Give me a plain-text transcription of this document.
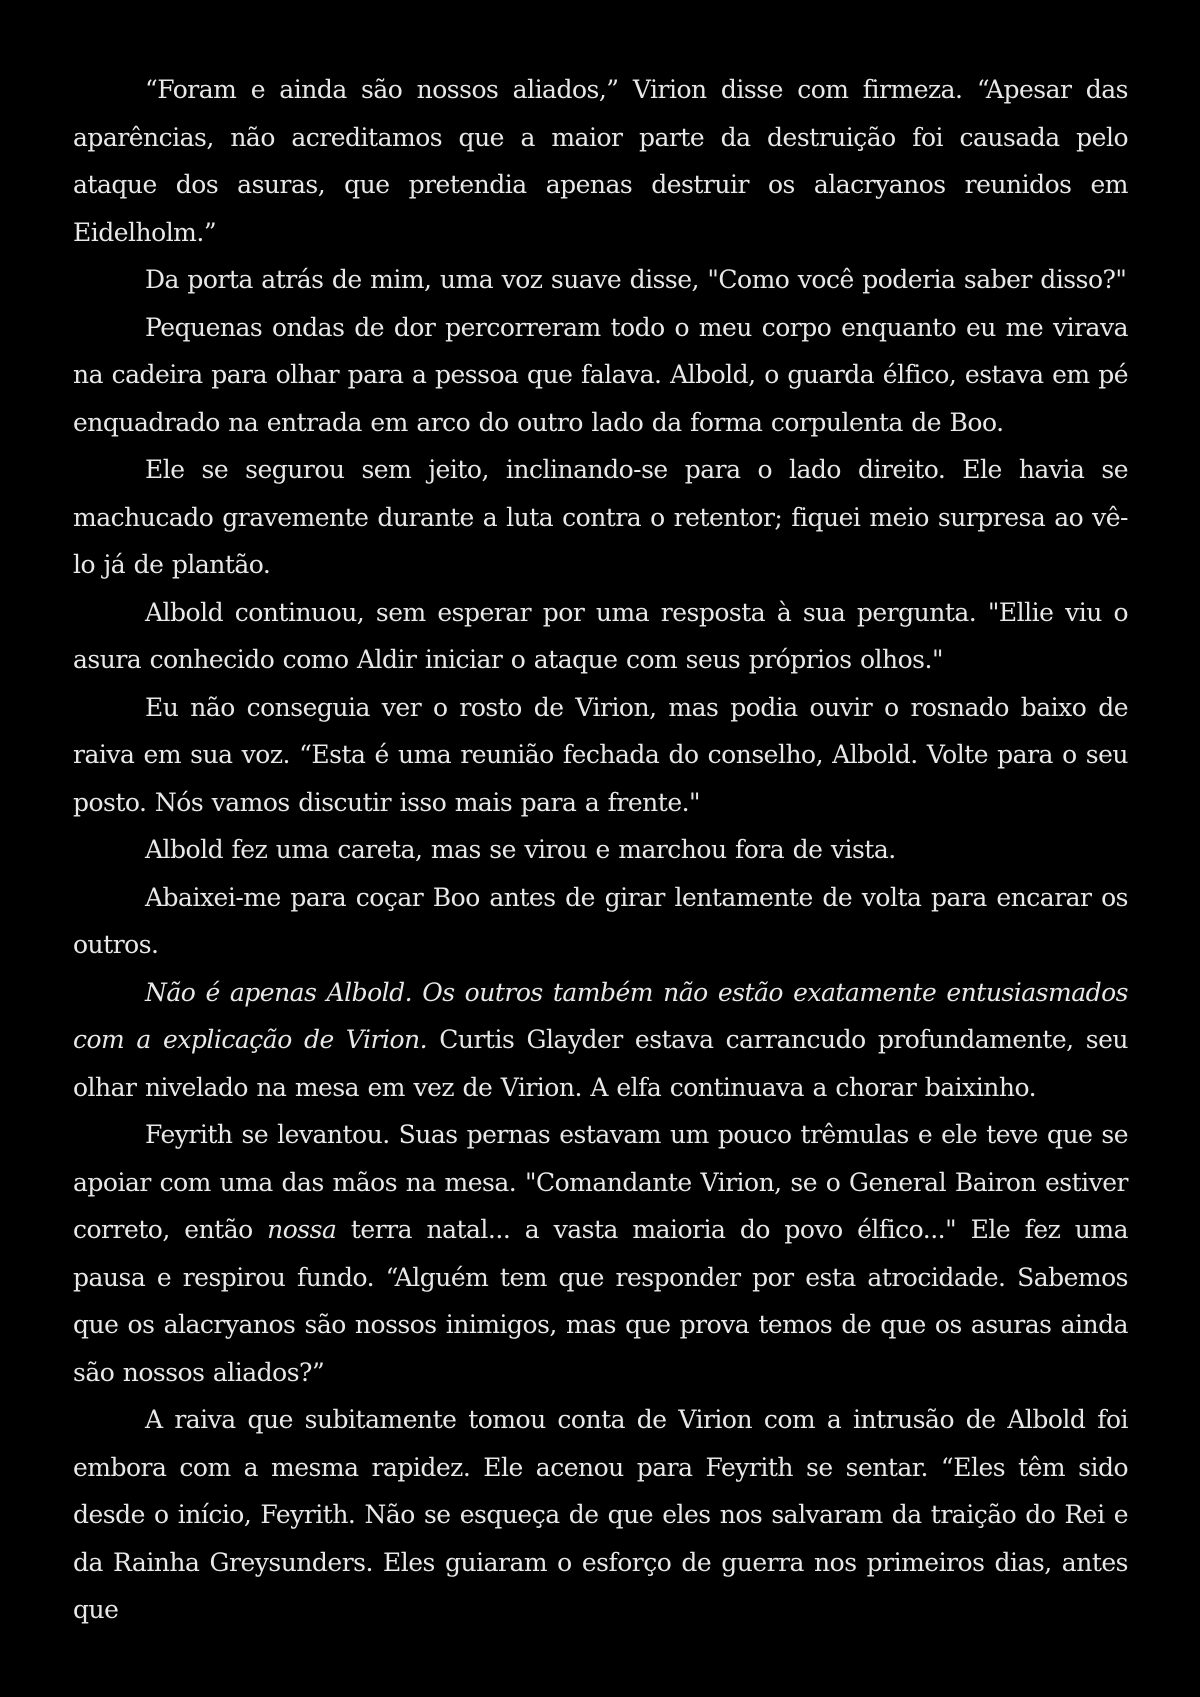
“Foram e ainda são nossos aliados,” Virion disse com firmeza. “Apesar das aparências, não acreditamos que a maior parte da destruição foi causada pelo ataque dos asuras, que pretendia apenas destruir os alacryanos reunidos em Eidelholm.”

Da porta atrás de mim, uma voz suave disse, "Como você poderia saber disso?"

Pequenas ondas de dor percorreram todo o meu corpo enquanto eu me virava na cadeira para olhar para a pessoa que falava. Albold, o guarda élfico, estava em pé enquadrado na entrada em arco do outro lado da forma corpulenta de Boo.

Ele se segurou sem jeito, inclinando-se para o lado direito. Ele havia se machucado gravemente durante a luta contra o retentor; fiquei meio surpresa ao vê-lo já de plantão.

Albold continuou, sem esperar por uma resposta à sua pergunta. "Ellie viu o asura conhecido como Aldir iniciar o ataque com seus próprios olhos."

Eu não conseguia ver o rosto de Virion, mas podia ouvir o rosnado baixo de raiva em sua voz. “Esta é uma reunião fechada do conselho, Albold. Volte para o seu posto. Nós vamos discutir isso mais para a frente."

Albold fez uma careta, mas se virou e marchou fora de vista.

Abaixei-me para coçar Boo antes de girar lentamente de volta para encarar os outros.

Não é apenas Albold. Os outros também não estão exatamente entusiasmados com a explicação de Virion. Curtis Glayder estava carrancudo profundamente, seu olhar nivelado na mesa em vez de Virion. A elfa continuava a chorar baixinho.

Feyrith se levantou. Suas pernas estavam um pouco trêmulas e ele teve que se apoiar com uma das mãos na mesa. "Comandante Virion, se o General Bairon estiver correto, então nossa terra natal... a vasta maioria do povo élfico..." Ele fez uma pausa e respirou fundo. “Alguém tem que responder por esta atrocidade. Sabemos que os alacryanos são nossos inimigos, mas que prova temos de que os asuras ainda são nossos aliados?”

A raiva que subitamente tomou conta de Virion com a intrusão de Albold foi embora com a mesma rapidez. Ele acenou para Feyrith se sentar. “Eles têm sido desde o início, Feyrith. Não se esqueça de que eles nos salvaram da traição do Rei e da Rainha Greysunders. Eles guiaram o esforço de guerra nos primeiros dias, antes que
